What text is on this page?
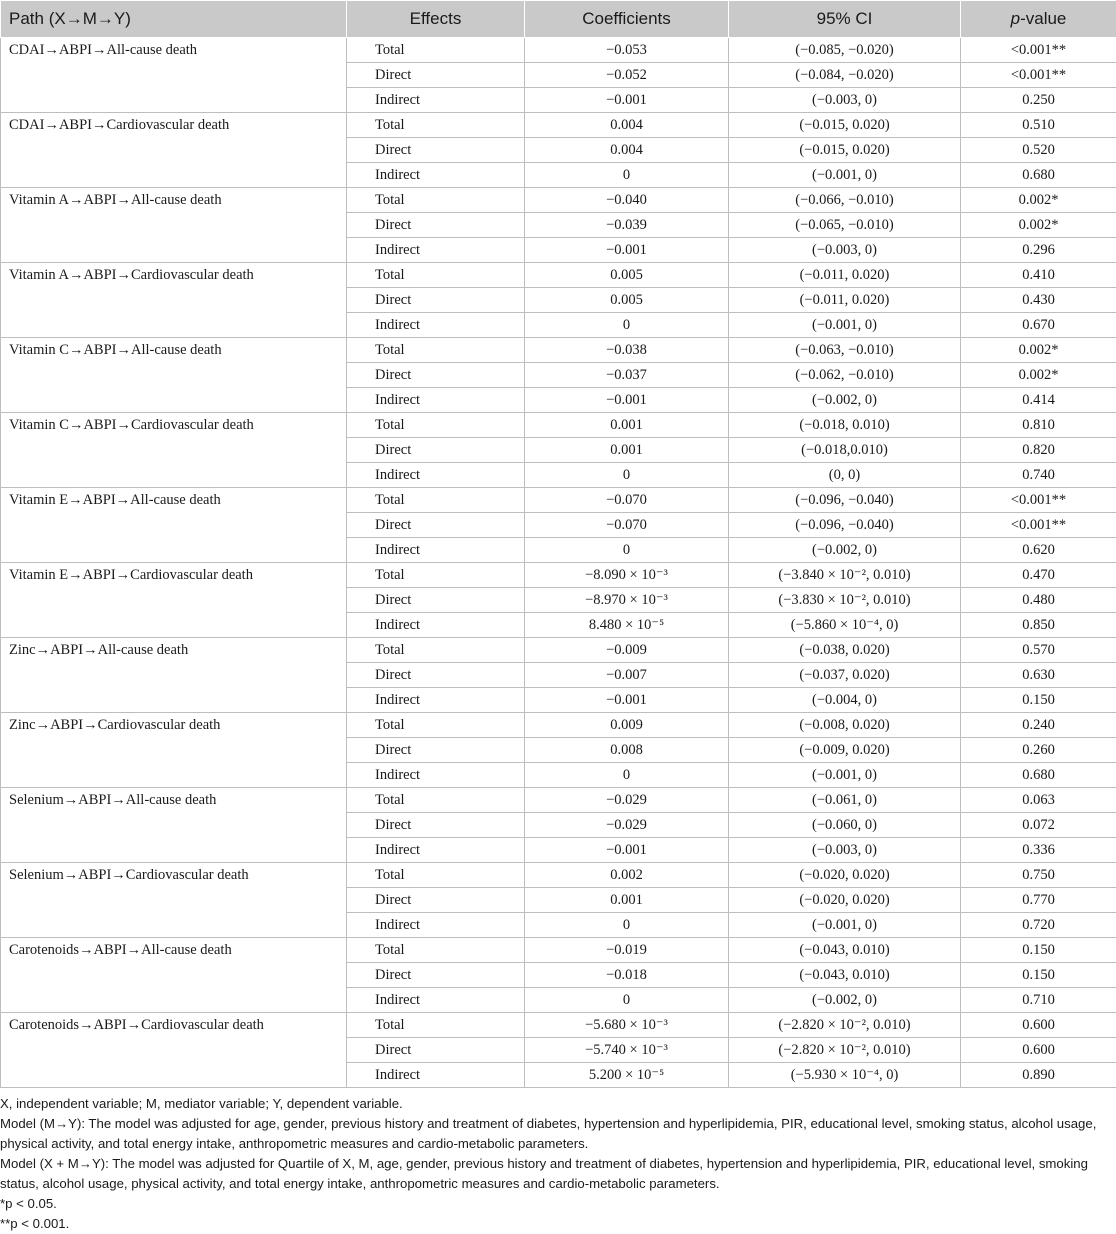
Path (X→M→Y)	Effects	Coefficients	95% CI	p-value
CDAI→ABPI→All-cause death	Total	−0.053	(−0.085, −0.020)	<0.001**
	Direct	−0.052	(−0.084, −0.020)	<0.001**
	Indirect	−0.001	(−0.003, 0)	0.250
CDAI→ABPI→Cardiovascular death	Total	0.004	(−0.015, 0.020)	0.510
	Direct	0.004	(−0.015, 0.020)	0.520
	Indirect	0	(−0.001, 0)	0.680
Vitamin A→ABPI→All-cause death	Total	−0.040	(−0.066, −0.010)	0.002*
	Direct	−0.039	(−0.065, −0.010)	0.002*
	Indirect	−0.001	(−0.003, 0)	0.296
Vitamin A→ABPI→Cardiovascular death	Total	0.005	(−0.011, 0.020)	0.410
	Direct	0.005	(−0.011, 0.020)	0.430
	Indirect	0	(−0.001, 0)	0.670
Vitamin C→ABPI→All-cause death	Total	−0.038	(−0.063, −0.010)	0.002*
	Direct	−0.037	(−0.062, −0.010)	0.002*
	Indirect	−0.001	(−0.002, 0)	0.414
Vitamin C→ABPI→Cardiovascular death	Total	0.001	(−0.018, 0.010)	0.810
	Direct	0.001	(−0.018,0.010)	0.820
	Indirect	0	(0, 0)	0.740
Vitamin E→ABPI→All-cause death	Total	−0.070	(−0.096, −0.040)	<0.001**
	Direct	−0.070	(−0.096, −0.040)	<0.001**
	Indirect	0	(−0.002, 0)	0.620
Vitamin E→ABPI→Cardiovascular death	Total	−8.090 × 10⁻³	(−3.840 × 10⁻², 0.010)	0.470
	Direct	−8.970 × 10⁻³	(−3.830 × 10⁻², 0.010)	0.480
	Indirect	8.480 × 10⁻⁵	(−5.860 × 10⁻⁴, 0)	0.850
Zinc→ABPI→All-cause death	Total	−0.009	(−0.038, 0.020)	0.570
	Direct	−0.007	(−0.037, 0.020)	0.630
	Indirect	−0.001	(−0.004, 0)	0.150
Zinc→ABPI→Cardiovascular death	Total	0.009	(−0.008, 0.020)	0.240
	Direct	0.008	(−0.009, 0.020)	0.260
	Indirect	0	(−0.001, 0)	0.680
Selenium→ABPI→All-cause death	Total	−0.029	(−0.061, 0)	0.063
	Direct	−0.029	(−0.060, 0)	0.072
	Indirect	−0.001	(−0.003, 0)	0.336
Selenium→ABPI→Cardiovascular death	Total	0.002	(−0.020, 0.020)	0.750
	Direct	0.001	(−0.020, 0.020)	0.770
	Indirect	0	(−0.001, 0)	0.720
Carotenoids→ABPI→All-cause death	Total	−0.019	(−0.043, 0.010)	0.150
	Direct	−0.018	(−0.043, 0.010)	0.150
	Indirect	0	(−0.002, 0)	0.710
Carotenoids→ABPI→Cardiovascular death	Total	−5.680 × 10⁻³	(−2.820 × 10⁻², 0.010)	0.600
	Direct	−5.740 × 10⁻³	(−2.820 × 10⁻², 0.010)	0.600
	Indirect	5.200 × 10⁻⁵	(−5.930 × 10⁻⁴, 0)	0.890

X, independent variable; M, mediator variable; Y, dependent variable.

Model (M→Y): The model was adjusted for age, gender, previous history and treatment of diabetes, hypertension and hyperlipidemia, PIR, educational level, smoking status, alcohol usage, physical activity, and total energy intake, anthropometric measures and cardio-metabolic parameters.

Model (X + M→Y): The model was adjusted for Quartile of X, M, age, gender, previous history and treatment of diabetes, hypertension and hyperlipidemia, PIR, educational level, smoking status, alcohol usage, physical activity, and total energy intake, anthropometric measures and cardio-metabolic parameters.

*p < 0.05.

**p < 0.001.
